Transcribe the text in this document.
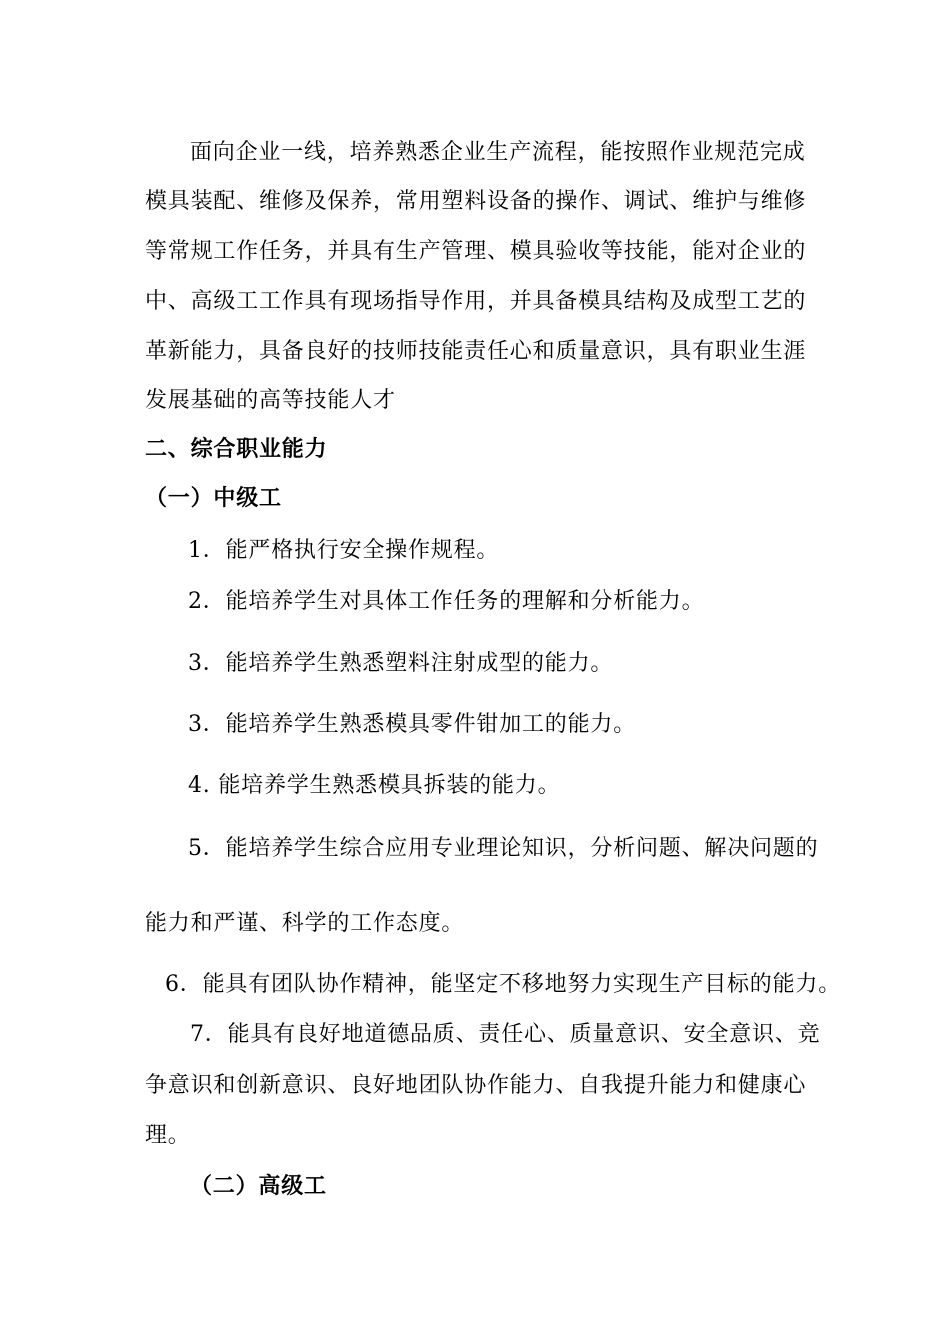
面向企业一线，培养熟悉企业生产流程，能按照作业规范完成
模具装配、维修及保养，常用塑料设备的操作、调试、维护与维修
等常规工作任务，并具有生产管理、模具验收等技能，能对企业的
中、高级工工作具有现场指导作用，并具备模具结构及成型工艺的
革新能力，具备良好的技师技能责任心和质量意识，具有职业生涯
发展基础的高等技能人才
二、综合职业能力
（一）中级工
1．能严格执行安全操作规程。
2．能培养学生对具体工作任务的理解和分析能力。
3．能培养学生熟悉塑料注射成型的能力。
3．能培养学生熟悉模具零件钳加工的能力。
4. 能培养学生熟悉模具拆装的能力。
5．能培养学生综合应用专业理论知识，分析问题、解决问题的
能力和严谨、科学的工作态度。
6．能具有团队协作精神，能坚定不移地努力实现生产目标的能力。
7．能具有良好地道德品质、责任心、质量意识、安全意识、竞
争意识和创新意识、良好地团队协作能力、自我提升能力和健康心
理。
（二）高级工
